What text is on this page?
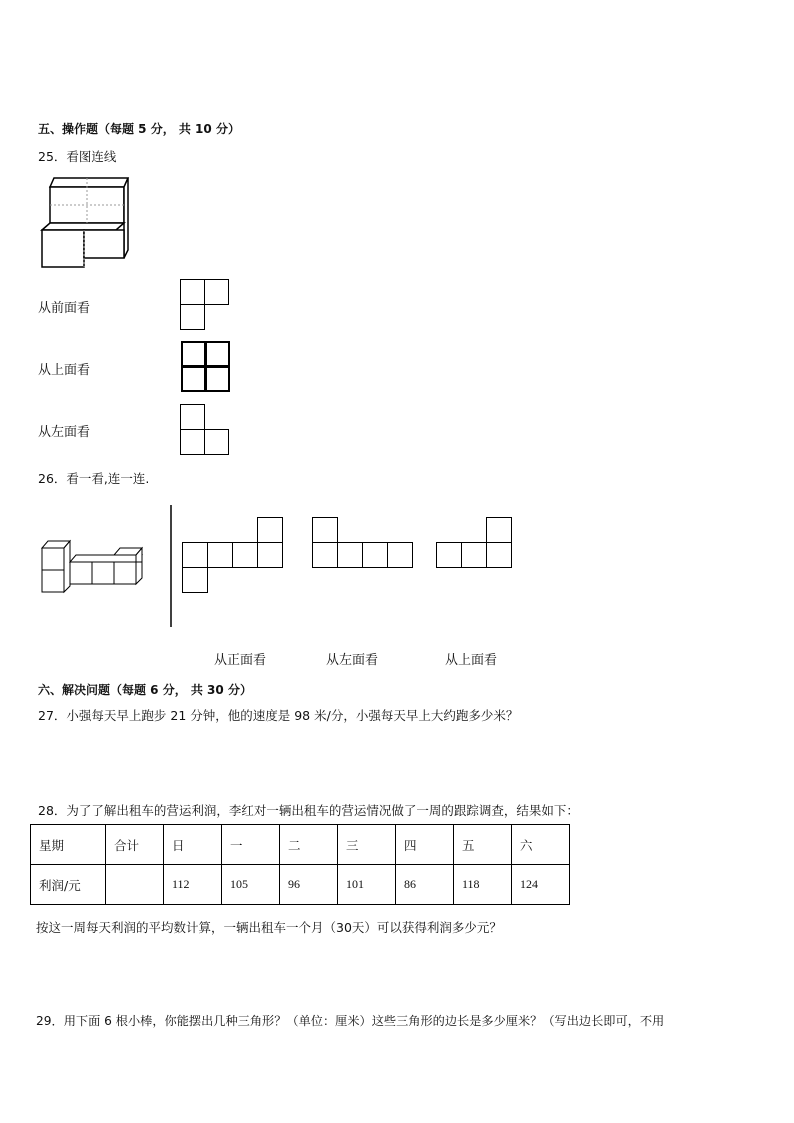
五、操作题（每题 5 分， 共 10 分）
25．看图连线
从前面看
从上面看
从左面看
26．看一看,连一连.
从正面看	从左面看	从上面看
六、解决问题（每题 6 分， 共 30 分）
27．小强每天早上跑步 21 分钟，他的速度是 98 米/分，小强每天早上大约跑多少米？
28．为了了解出租车的营运利润，李红对一辆出租车的营运情况做了一周的跟踪调查，结果如下：
星期	合计	日	一	二	三	四	五	六
利润/元		112	105	96	101	86	118	124
按这一周每天利润的平均数计算，一辆出租车一个月（30天）可以获得利润多少元？
29．用下面 6 根小棒，你能摆出几种三角形？（单位：厘米）这些三角形的边长是多少厘米？（写出边长即可，不用
